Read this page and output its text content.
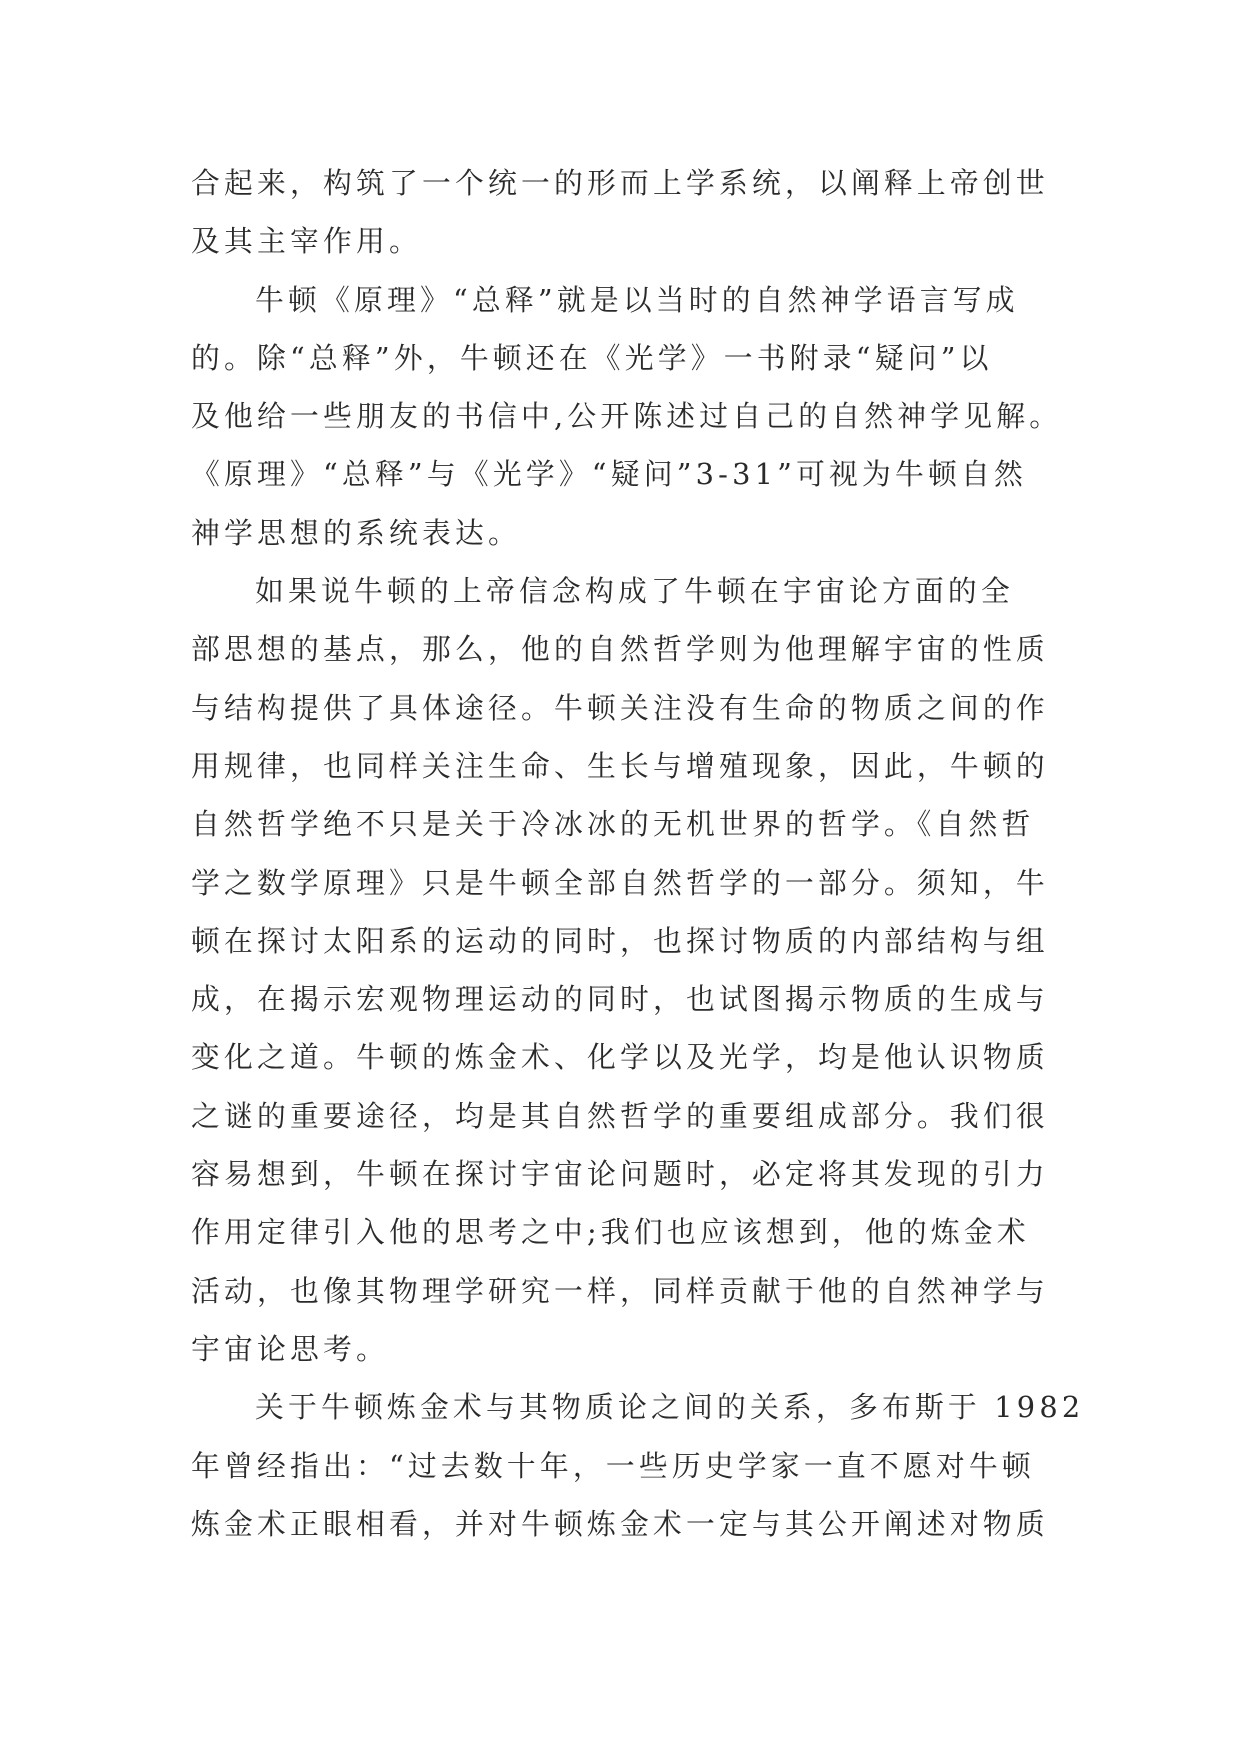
合起来，构筑了一个统一的形而上学系统，以阐释上帝创世
及其主宰作用。
牛顿《原理》“总释”就是以当时的自然神学语言写成
的。除“总释”外，牛顿还在《光学》一书附录“疑问”以
及他给一些朋友的书信中,公开陈述过自己的自然神学见解。
《原理》“总释”与《光学》“疑问”3-31”可视为牛顿自然
神学思想的系统表达。
如果说牛顿的上帝信念构成了牛顿在宇宙论方面的全
部思想的基点，那么，他的自然哲学则为他理解宇宙的性质
与结构提供了具体途径。牛顿关注没有生命的物质之间的作
用规律，也同样关注生命、生长与增殖现象，因此，牛顿的
自然哲学绝不只是关于冷冰冰的无机世界的哲学。《自然哲
学之数学原理》只是牛顿全部自然哲学的一部分。须知，牛
顿在探讨太阳系的运动的同时，也探讨物质的内部结构与组
成，在揭示宏观物理运动的同时，也试图揭示物质的生成与
变化之道。牛顿的炼金术、化学以及光学，均是他认识物质
之谜的重要途径，均是其自然哲学的重要组成部分。我们很
容易想到，牛顿在探讨宇宙论问题时，必定将其发现的引力
作用定律引入他的思考之中;我们也应该想到，他的炼金术
活动，也像其物理学研究一样，同样贡献于他的自然神学与
宇宙论思考。
关于牛顿炼金术与其物质论之间的关系，多布斯于 1982
年曾经指出：“过去数十年，一些历史学家一直不愿对牛顿
炼金术正眼相看，并对牛顿炼金术一定与其公开阐述对物质
